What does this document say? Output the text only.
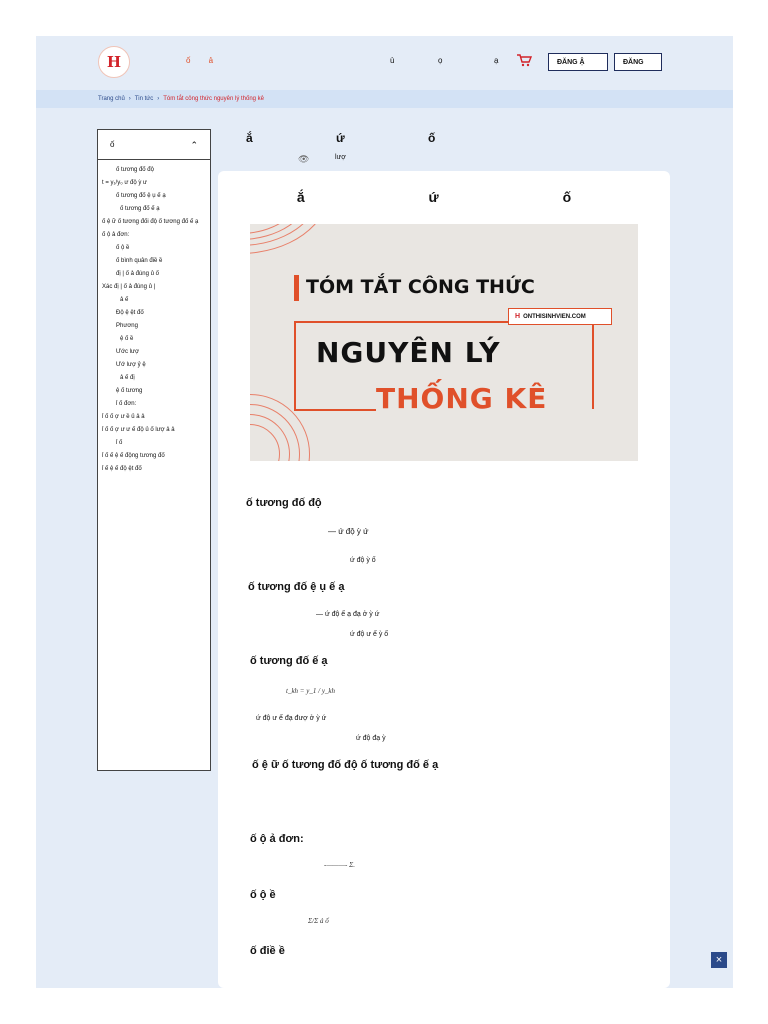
H	ố ả	ù	ọ	ạ	ĐĂNG Ậ	ĐĂNG
Trang chủ › Tin tức › Tóm tắt công thức nguyên lý thống kê
ố	⌃
ố tương đố độ
t = y₁/y₀ ư độ ỳ ư
ố tương đố ệ ụ ế ạ
ố tương đố ế ạ
ố ệ ữ ố tương đối độ ố tương đố ế ạ
ố ộ ả đơn:
ố ộ ề
ố bình quân điề ề
đị | ố ả đúng ủ ố
Xác đị | ố ả đúng ủ |
ả ế
Độ ệ ệt đố
Phương
ệ ố ề
Ước lượ
Ướ lượ ỷ ệ
ả ế đị
ệ ố tương
ỉ ố đơn:
ỉ ố ố ợ ư ề ủ ả ả
ỉ ố ố ợ ư ư ế độ ủ ố lượ ả ả
ỉ ố
ỉ ố ế ệ ế động tương đố
ỉ ế ệ ế độ ệt đố
ắ ứ ố
👁	lượ
ắ ứ ố
TÓM TẮT CÔNG THỨC
H ONTHISINHVIEN.COM
NGUYÊN LÝ
THỐNG KÊ
ố tương đố độ
— ứ độ ỳ ứ
ứ độ ỳ ố
ố tương đố ệ ụ ế ạ
— ứ độ ế ạ đạ ở ỳ ứ
ứ độ ư ế ỳ ố
ố tương đố ế ạ
t_kh = y_1 / y_kh
ứ độ ư ế đạ đượ ở ỳ ứ
ứ độ đạ ỳ
ố ệ ữ ố tương đố độ ố tương đố ế ạ
ố ộ ả đơn:
-———- Σ.
ố ộ ề
Σ/Σ ả ố
ố điề ề
×
